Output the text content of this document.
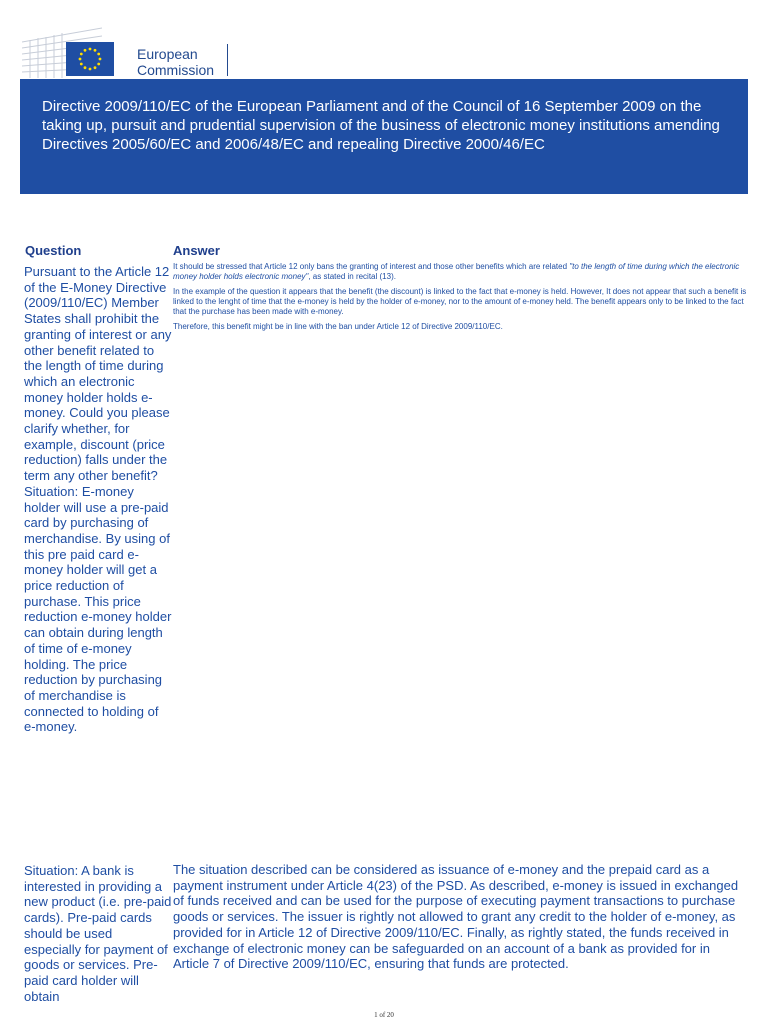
European Commission
Directive 2009/110/EC of the European Parliament and of the Council of 16 September 2009 on the taking up, pursuit and prudential supervision of the business of electronic money institutions amending Directives 2005/60/EC and 2006/48/EC and repealing Directive 2000/46/EC
Question	Answer
Pursuant to the Article 12 of the E-Money Directive (2009/110/EC) Member States shall prohibit the granting of interest or any other benefit related to the length of time during which an electronic money holder holds e-money. Could you please clarify whether, for example, discount (price reduction) falls under the term any other benefit? Situation: E-money holder will use a pre-paid card by purchasing of merchandise. By using of this pre paid card e-money holder will get a price reduction of purchase. This price reduction e-money holder can obtain during length of time of e-money holding. The price reduction by purchasing of merchandise is connected to holding of e-money.

It should be stressed that Article 12 only bans the granting of interest and those other benefits which are related "to the length of time during which the electronic money holder holds electronic money", as stated in recital (13).

In the example of the question it appears that the benefit (the discount) is linked to the fact that e-money is held. However, It does not appear that such a benefit is linked to the lenght of time that the e-money is held by the holder of e-money, nor to the amount of e-money held. The benefit appears only to be linked to the fact that the purchase has been made with e-money.

Therefore, this benefit might be in line with the ban under Article 12 of Directive 2009/110/EC.

Situation: A bank is interested in providing a new product (i.e. pre-paid cards). Pre-paid cards should be used especially for payment of goods or services. Pre-paid card holder will obtain
The situation described can be considered as issuance of e-money and the prepaid card as a payment instrument under Article 4(23) of the PSD. As described, e-money is issued in exchanged of funds received and can be used for the purpose of executing payment transactions to purchase goods or services. The issuer is rightly not allowed to grant any credit to the holder of e-money, as provided for in Article 12 of Directive 2009/110/EC. Finally, as rightly stated, the funds received in exchange of electronic money can be safeguarded on an account of a bank as provided for in Article 7 of Directive 2009/110/EC, ensuring that funds are protected.
1 of 20
